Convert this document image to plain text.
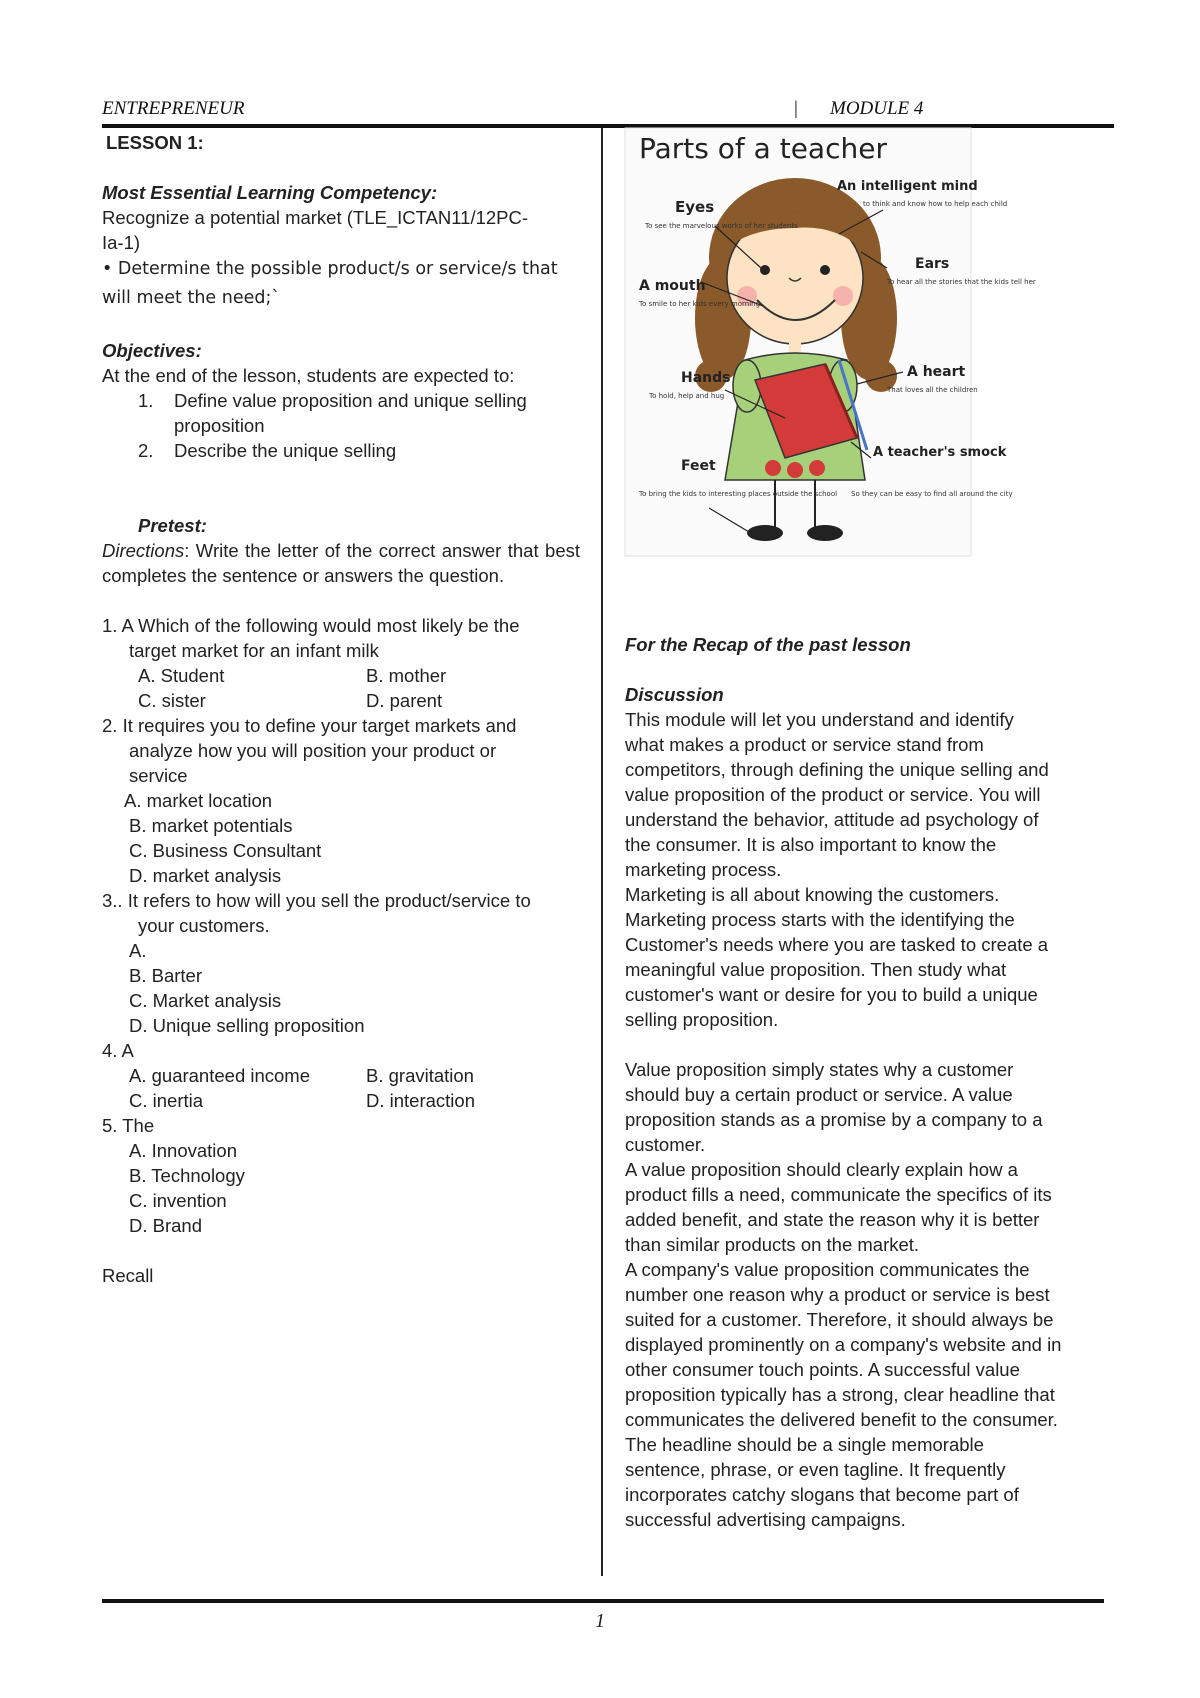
ENTREPRENEUR	| MODULE 4

LESSON 1:

Most Essential Learning Competency:

Recognize a potential market (TLE_ICTAN11/12PC-

Ia-1)

• Determine the possible product/s or service/s that

will meet the need;`

Objectives:

At the end of the lesson, students are expected to:

1. Define value proposition and unique selling
proposition
2. Describe the unique selling

Pretest:

Directions: Write the letter of the correct answer that best completes the sentence or answers the question.

1. A Which of the following would most likely be the

target market for an infant milk

A. Student	B. mother
C. sister	D. parent

2. It requires you to define your target markets and

analyze how you will position your product or

service

A. market location

B. market potentials

C. Business Consultant

D. market analysis

3.. It refers to how will you sell the product/service to

your customers.

A.

B. Barter

C. Market analysis

D. Unique selling proposition

4. A

A. guaranteed income	B. gravitation
C. inertia	D. interaction

5. The

A. Innovation

B. Technology

C. invention

D. Brand

Recall

Parts of a teacher
An intelligent mind
to think and know how to help each child
Eyes
To see the marvelous works of her students
Ears
To hear all the stories that the kids tell her
A mouth
To smile to her kids every morning
A heart
That loves all the children
Hands
To hold, help and hug
A teacher's smock
So they can be easy to find all around the city
Feet
To bring the kids to interesting places outside the school

For the Recap of the past lesson

Discussion

This module will let you understand and identify

what makes a product or service stand from

competitors, through defining the unique selling and

value proposition of the product or service. You will

understand the behavior, attitude ad psychology of

the consumer. It is also important to know the

marketing process.

Marketing is all about knowing the customers.

Marketing process starts with the identifying the

Customer's needs where you are tasked to create a

meaningful value proposition. Then study what

customer's want or desire for you to build a unique

selling proposition.

Value proposition simply states why a customer

should buy a certain product or service. A value

proposition stands as a promise by a company to a

customer.

A value proposition should clearly explain how a

product fills a need, communicate the specifics of its

added benefit, and state the reason why it is better

than similar products on the market.

A company's value proposition communicates the

number one reason why a product or service is best

suited for a customer. Therefore, it should always be

displayed prominently on a company's website and in

other consumer touch points. A successful value

proposition typically has a strong, clear headline that

communicates the delivered benefit to the consumer.

The headline should be a single memorable

sentence, phrase, or even tagline. It frequently

incorporates catchy slogans that become part of

successful advertising campaigns.

1
